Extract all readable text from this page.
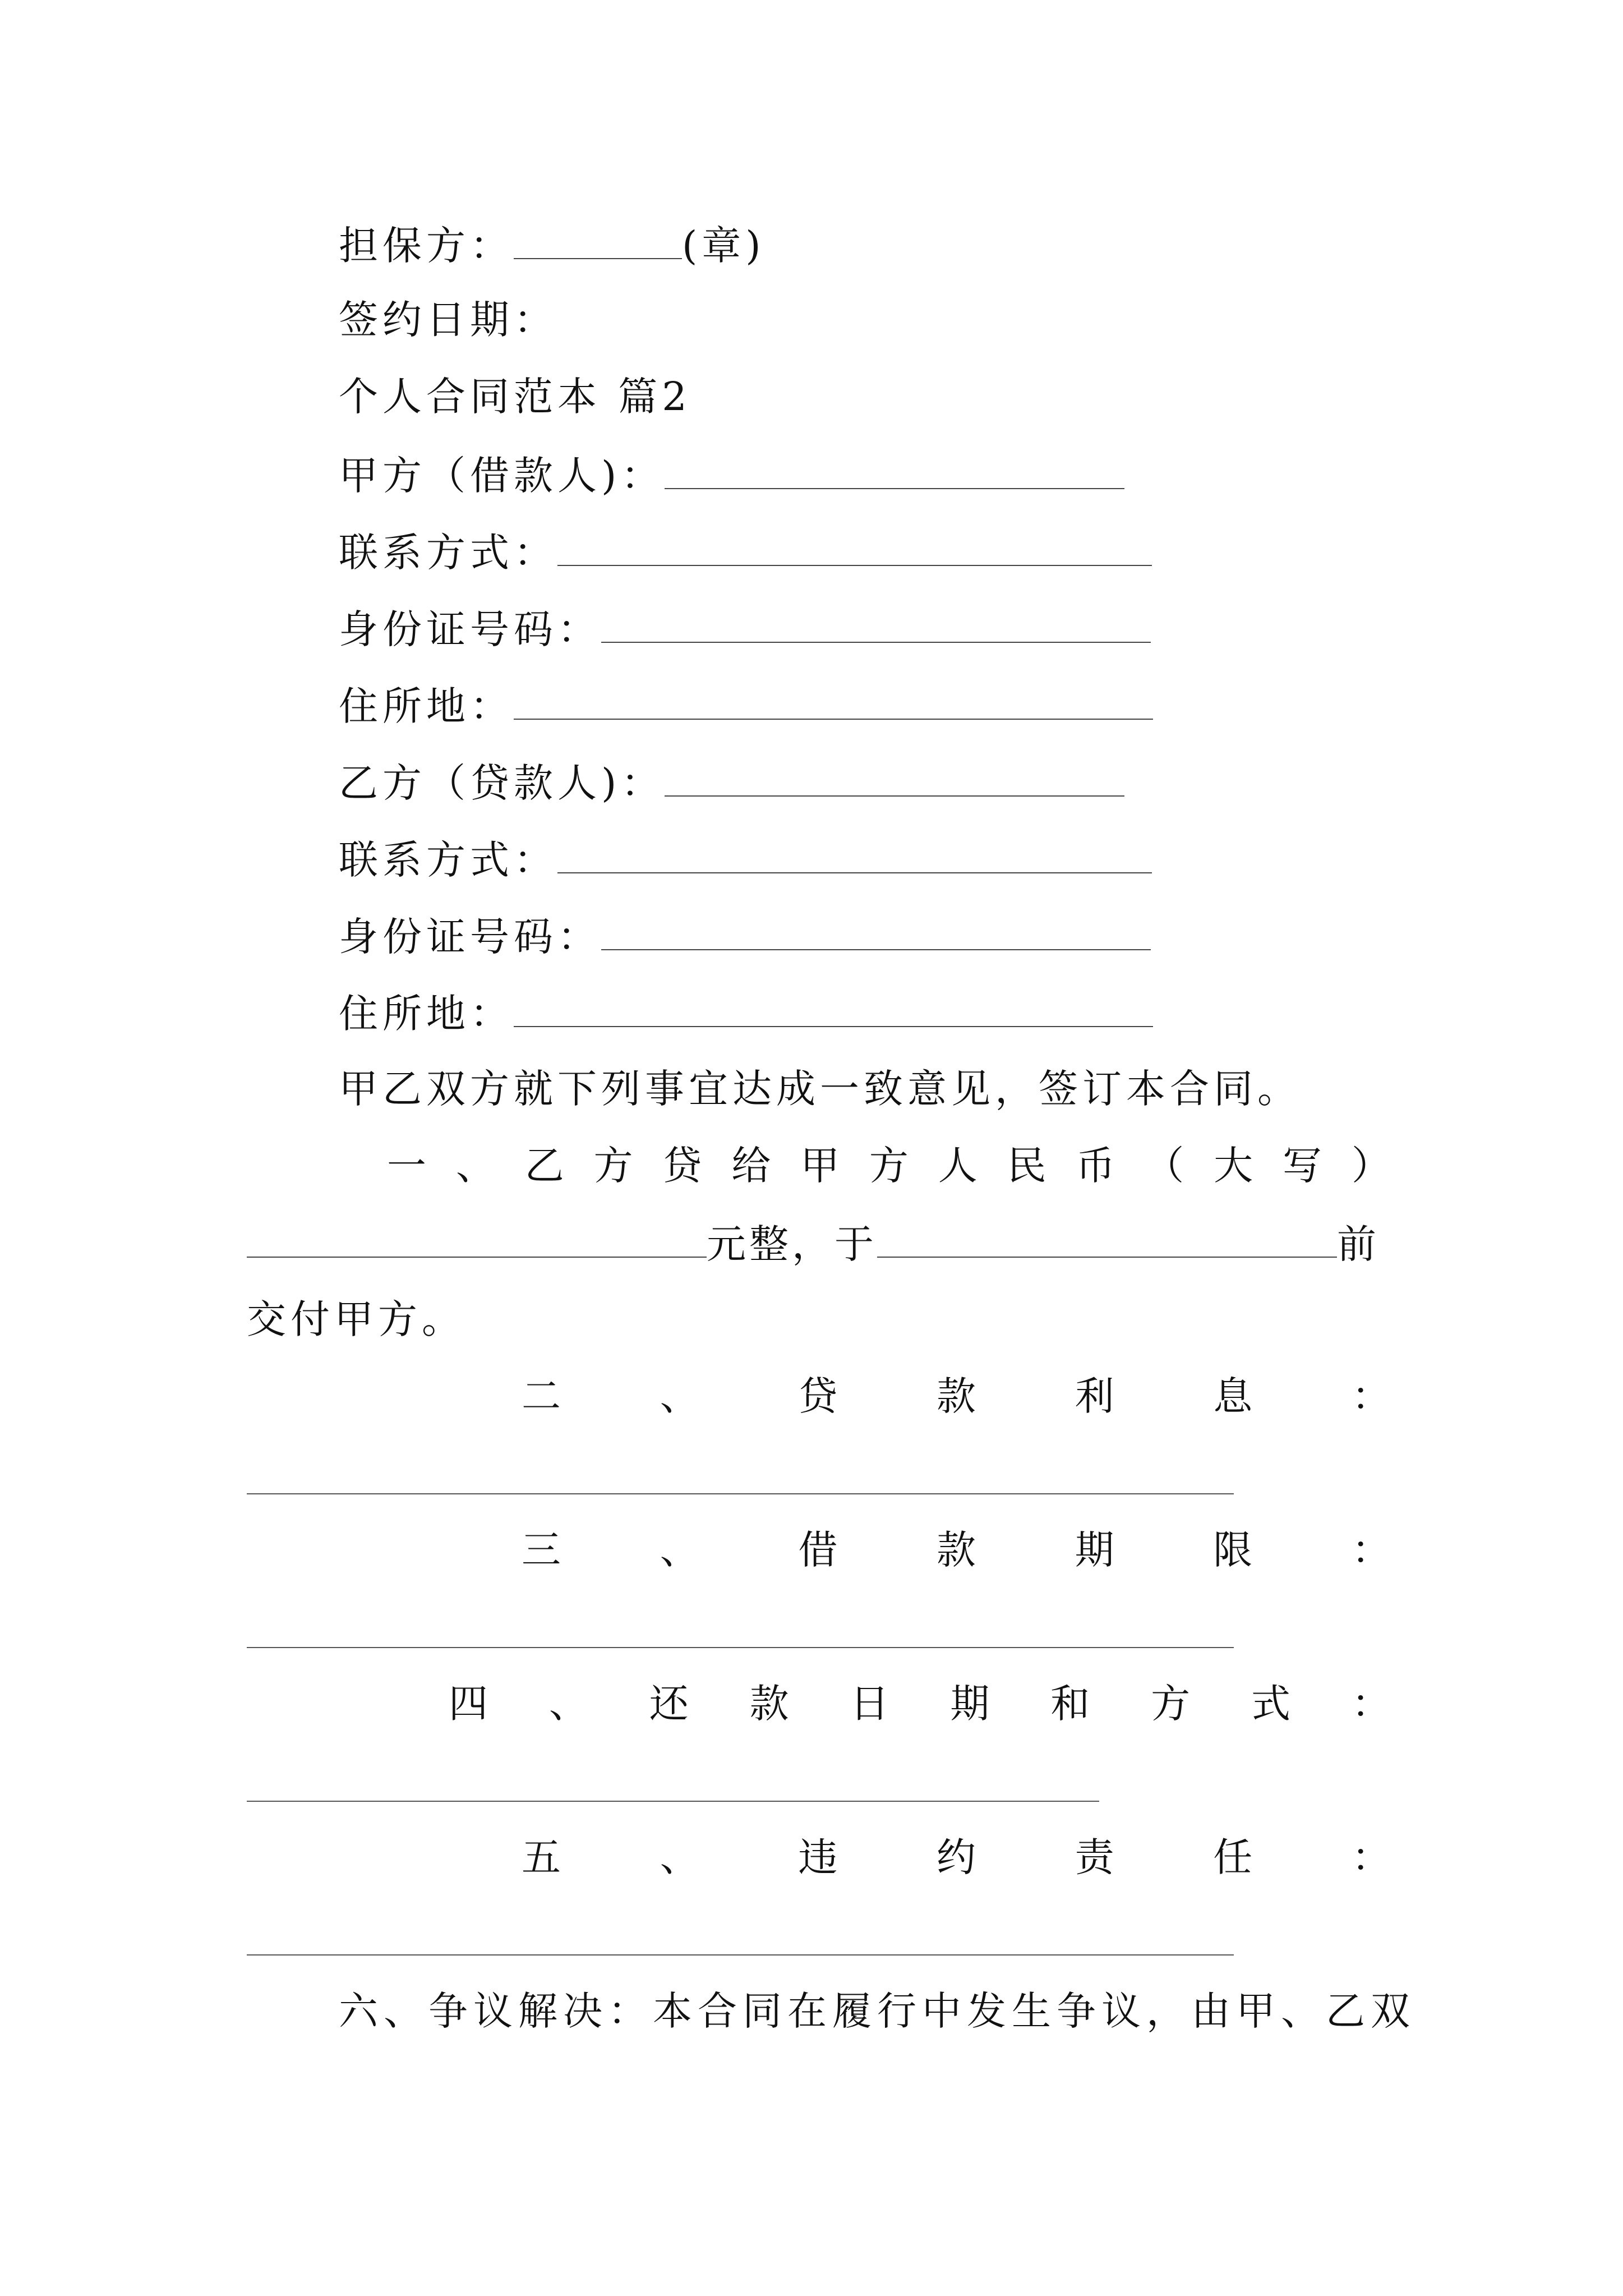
担保方：	(章)
签约日期：
个人合同范本 篇2
甲方（借款人)：
联系方式：
身份证号码：
住所地：
乙方（贷款人)：
联系方式：
身份证号码：
住所地：
甲乙双方就下列事宜达成一致意见，签订本合同。
一 、 乙 方 贷 给 甲 方 人 民 币 （ 大 写 ）
元整，于	前
交付甲方。
二	、	贷	款	利	息	：
三	、	借	款	期	限	：
四 、 还 款 日 期 和 方 式 ：
五	、	违	约	责	任	：
六、争议解决：本合同在履行中发生争议，由甲、乙双
